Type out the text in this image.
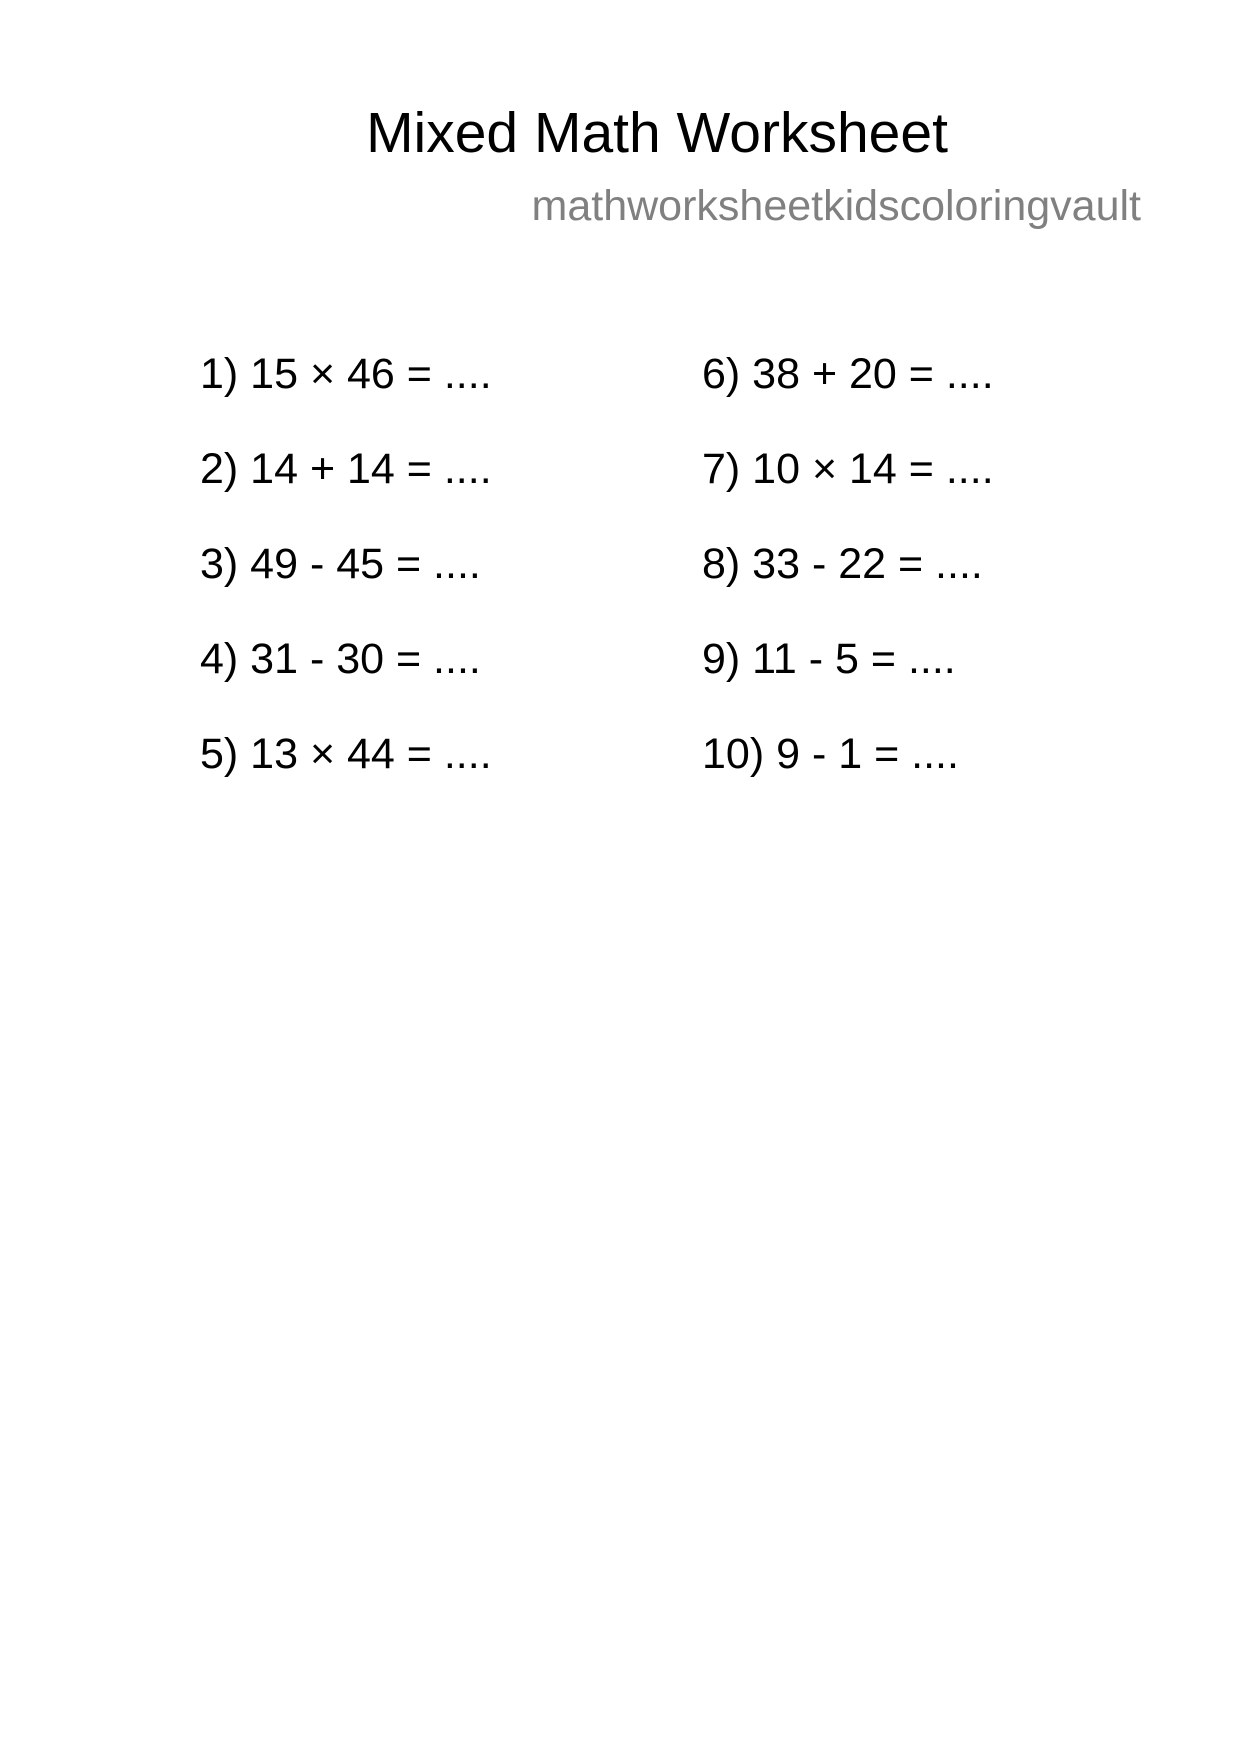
Mixed Math Worksheet
mathworksheetkidscoloringvault
1) 15 × 46 = ....
2) 14 + 14 = ....
3) 49 - 45 = ....
4) 31 - 30 = ....
5) 13 × 44 = ....
6) 38 + 20 = ....
7) 10 × 14 = ....
8) 33 - 22 = ....
9) 11 - 5 = ....
10) 9 - 1 = ....
